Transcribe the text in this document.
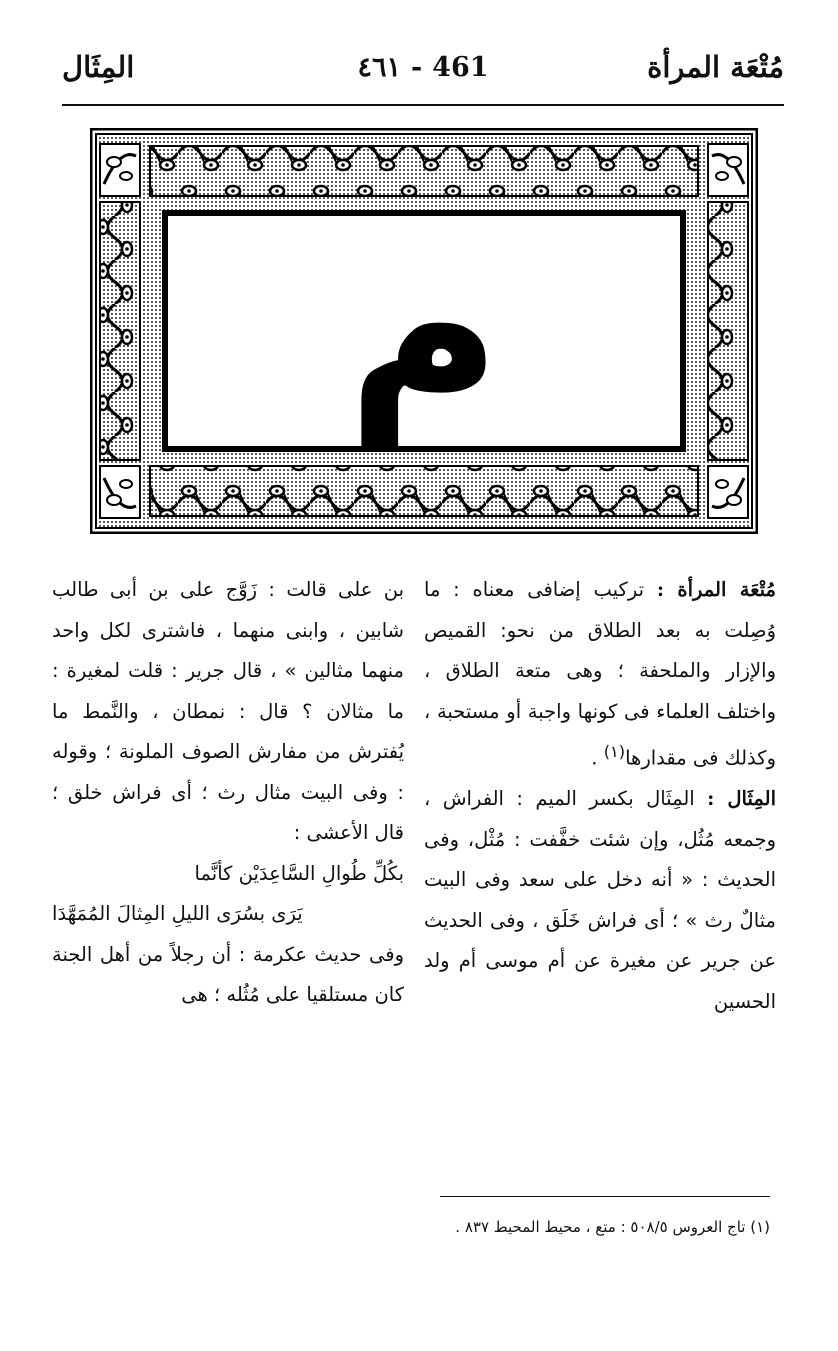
مُتْعَة المرأة
٤٦١ - 461
المِثَال
م

مُتْعَة المرأة : تركيب إضافى معناه : ما وُصِلت به بعد الطلاق من نحو: القميص والإزار والملحفة ؛ وهى متعة الطلاق ، واختلف العلماء فى كونها واجبة أو مستحبة ، وكذلك فى مقدارها$^{(١)}$ .

المِثَال : المِثَال بكسر الميم : الفراش ، وجمعه مُثُل، وإن شئت خفَّفت : مُثْل، وفى الحديث : « أنه دخل على سعد وفى البيت مثالٌ رث » ؛ أى فراش خَلَق ، وفى الحديث عن جرير عن مغيرة عن أم موسى أم ولد الحسين

بن على قالت : زَوَّج على بن أبى طالب شابين ، وابنى منهما ، فاشترى لكل واحد منهما مثالين » ، قال جرير : قلت لمغيرة : ما مثالان ؟ قال : نمطان ، والنَّمط ما يُفترش من مفارش الصوف الملونة ؛ وقوله : وفى البيت مثال رث ؛ أى فراش خلق ؛ قال الأعشى :

بكُلِّ طُوالِ السَّاعِدَيْن كأنَّما

يَرَى بسُرَى الليلِ المِثالَ المُمَهَّدَا

وفى حديث عكرمة : أن رجلاً من أهل الجنة كان مستلقيا على مُثُله ؛ هى

(١) تاج العروس ٥٠٨/٥ : متع ، محيط المحيط ٨٣٧ .
